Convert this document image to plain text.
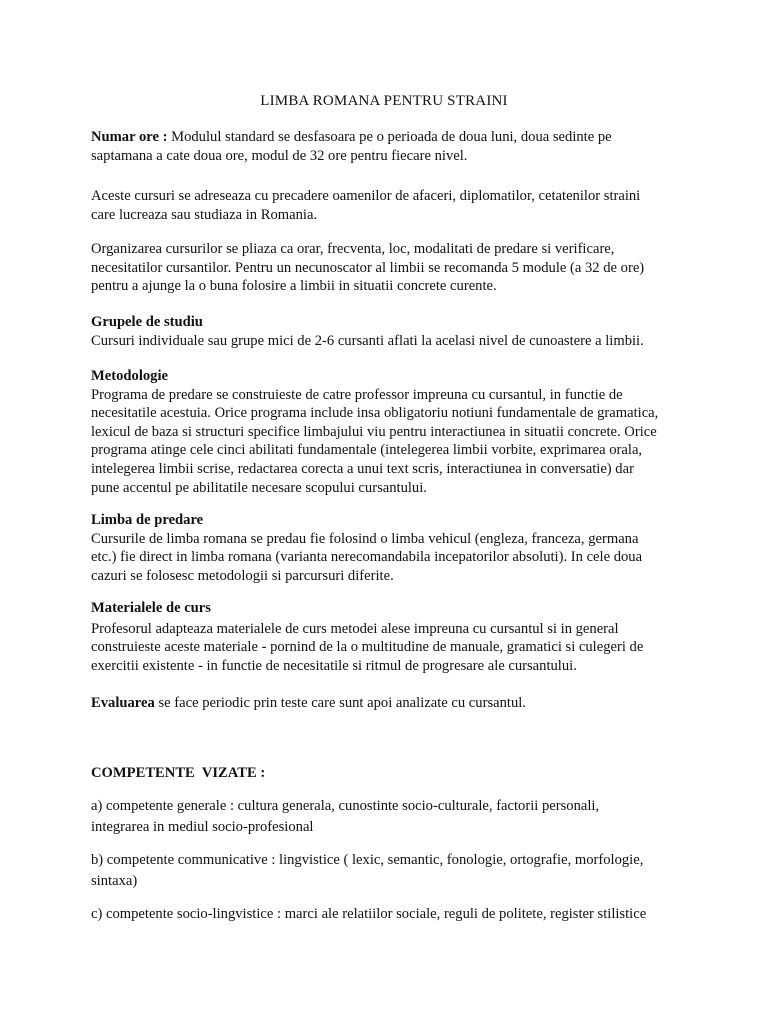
LIMBA ROMANA PENTRU STRAINI

Numar ore : Modulul standard se desfasoara pe o perioada de doua luni, doua sedinte pe

saptamana a cate doua ore, modul de 32 ore pentru fiecare nivel.

Aceste cursuri se adreseaza cu precadere oamenilor de afaceri, diplomatilor, cetatenilor straini

care lucreaza sau studiaza in Romania.

Organizarea cursurilor se pliaza ca orar, frecventa, loc, modalitati de predare si verificare,

necesitatilor cursantilor. Pentru un necunoscator al limbii se recomanda 5 module (a 32 de ore)

pentru a ajunge la o buna folosire a limbii in situatii concrete curente.

Grupele de studiu

Cursuri individuale sau grupe mici de 2-6 cursanti aflati la acelasi nivel de cunoastere a limbii.

Metodologie

Programa de predare se construieste de catre professor impreuna cu cursantul, in functie de

necesitatile acestuia. Orice programa include insa obligatoriu notiuni fundamentale de gramatica,

lexicul de baza si structuri specifice limbajului viu pentru interactiunea in situatii concrete. Orice

programa atinge cele cinci abilitati fundamentale (intelegerea limbii vorbite, exprimarea orala,

intelegerea limbii scrise, redactarea corecta a unui text scris, interactiunea in conversatie) dar

pune accentul pe abilitatile necesare scopului cursantului.

Limba de predare

Cursurile de limba romana se predau fie folosind o limba vehicul (engleza, franceza, germana

etc.) fie direct in limba romana (varianta nerecomandabila incepatorilor absoluti). In cele doua

cazuri se folosesc metodologii si parcursuri diferite.

Materialele de curs

Profesorul adapteaza materialele de curs metodei alese impreuna cu cursantul si in general

construieste aceste materiale - pornind de la o multitudine de manuale, gramatici si culegeri de

exercitii existente - in functie de necesitatile si ritmul de progresare ale cursantului.

Evaluarea se face periodic prin teste care sunt apoi analizate cu cursantul.

COMPETENTE  VIZATE :

a) competente generale : cultura generala, cunostinte socio-culturale, factorii personali,

integrarea in mediul socio-profesional

b) competente communicative : lingvistice ( lexic, semantic, fonologie, ortografie, morfologie,

sintaxa)

c) competente socio-lingvistice : marci ale relatiilor sociale, reguli de politete, register stilistice
